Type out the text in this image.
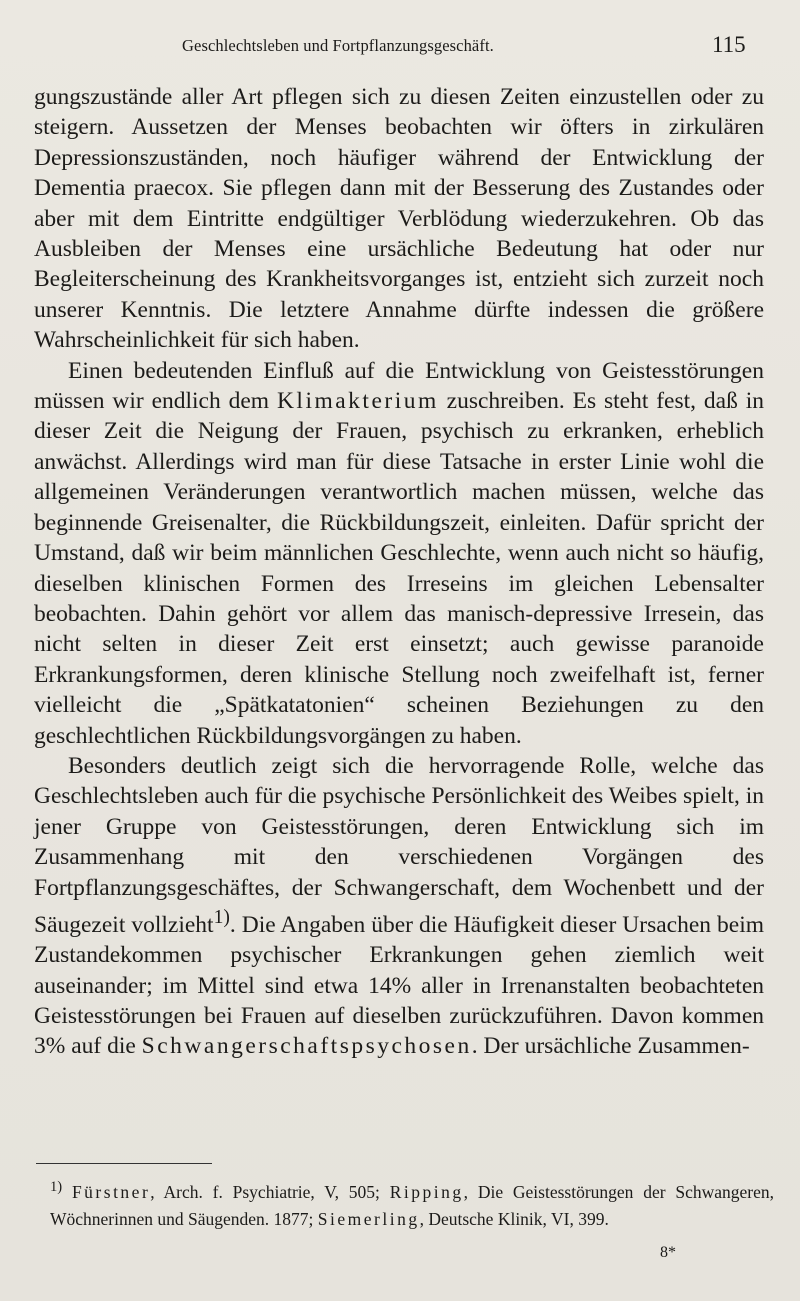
Geschlechtsleben und Fortpflanzungsgeschäft.	115

gungszustände aller Art pflegen sich zu diesen Zeiten einzustellen oder zu steigern. Aussetzen der Menses beobachten wir öfters in zirkulären Depressionszuständen, noch häufiger während der Entwicklung der Dementia praecox. Sie pflegen dann mit der Besserung des Zustandes oder aber mit dem Eintritte endgültiger Verblödung wiederzukehren. Ob das Ausbleiben der Menses eine ursächliche Bedeutung hat oder nur Begleiterscheinung des Krankheitsvorganges ist, entzieht sich zurzeit noch unserer Kenntnis. Die letztere Annahme dürfte indessen die größere Wahrscheinlichkeit für sich haben.

Einen bedeutenden Einfluß auf die Entwicklung von Geistesstörungen müssen wir endlich dem Klimakterium zuschreiben. Es steht fest, daß in dieser Zeit die Neigung der Frauen, psychisch zu erkranken, erheblich anwächst. Allerdings wird man für diese Tatsache in erster Linie wohl die allgemeinen Veränderungen verantwortlich machen müssen, welche das beginnende Greisenalter, die Rückbildungszeit, einleiten. Dafür spricht der Umstand, daß wir beim männlichen Geschlechte, wenn auch nicht so häufig, dieselben klinischen Formen des Irreseins im gleichen Lebensalter beobachten. Dahin gehört vor allem das manisch-depressive Irresein, das nicht selten in dieser Zeit erst einsetzt; auch gewisse paranoide Erkrankungsformen, deren klinische Stellung noch zweifelhaft ist, ferner vielleicht die „Spätkatatonien“ scheinen Beziehungen zu den geschlechtlichen Rückbildungsvorgängen zu haben.

Besonders deutlich zeigt sich die hervorragende Rolle, welche das Geschlechtsleben auch für die psychische Persönlichkeit des Weibes spielt, in jener Gruppe von Geistesstörungen, deren Entwicklung sich im Zusammenhang mit den verschiedenen Vorgängen des Fortpflanzungsgeschäftes, der Schwangerschaft, dem Wochenbett und der Säugezeit vollzieht$^{1)}$. Die Angaben über die Häufigkeit dieser Ursachen beim Zustandekommen psychischer Erkrankungen gehen ziemlich weit auseinander; im Mittel sind etwa 14% aller in Irrenanstalten beobachteten Geistesstörungen bei Frauen auf dieselben zurückzuführen. Davon kommen 3% auf die Schwangerschaftspsychosen. Der ursächliche Zusammen-

$^{1)}$ Fürstner, Arch. f. Psychiatrie, V, 505; Ripping, Die Geistesstörungen der Schwangeren, Wöchnerinnen und Säugenden. 1877; Siemerling, Deutsche Klinik, VI, 399.
8*
